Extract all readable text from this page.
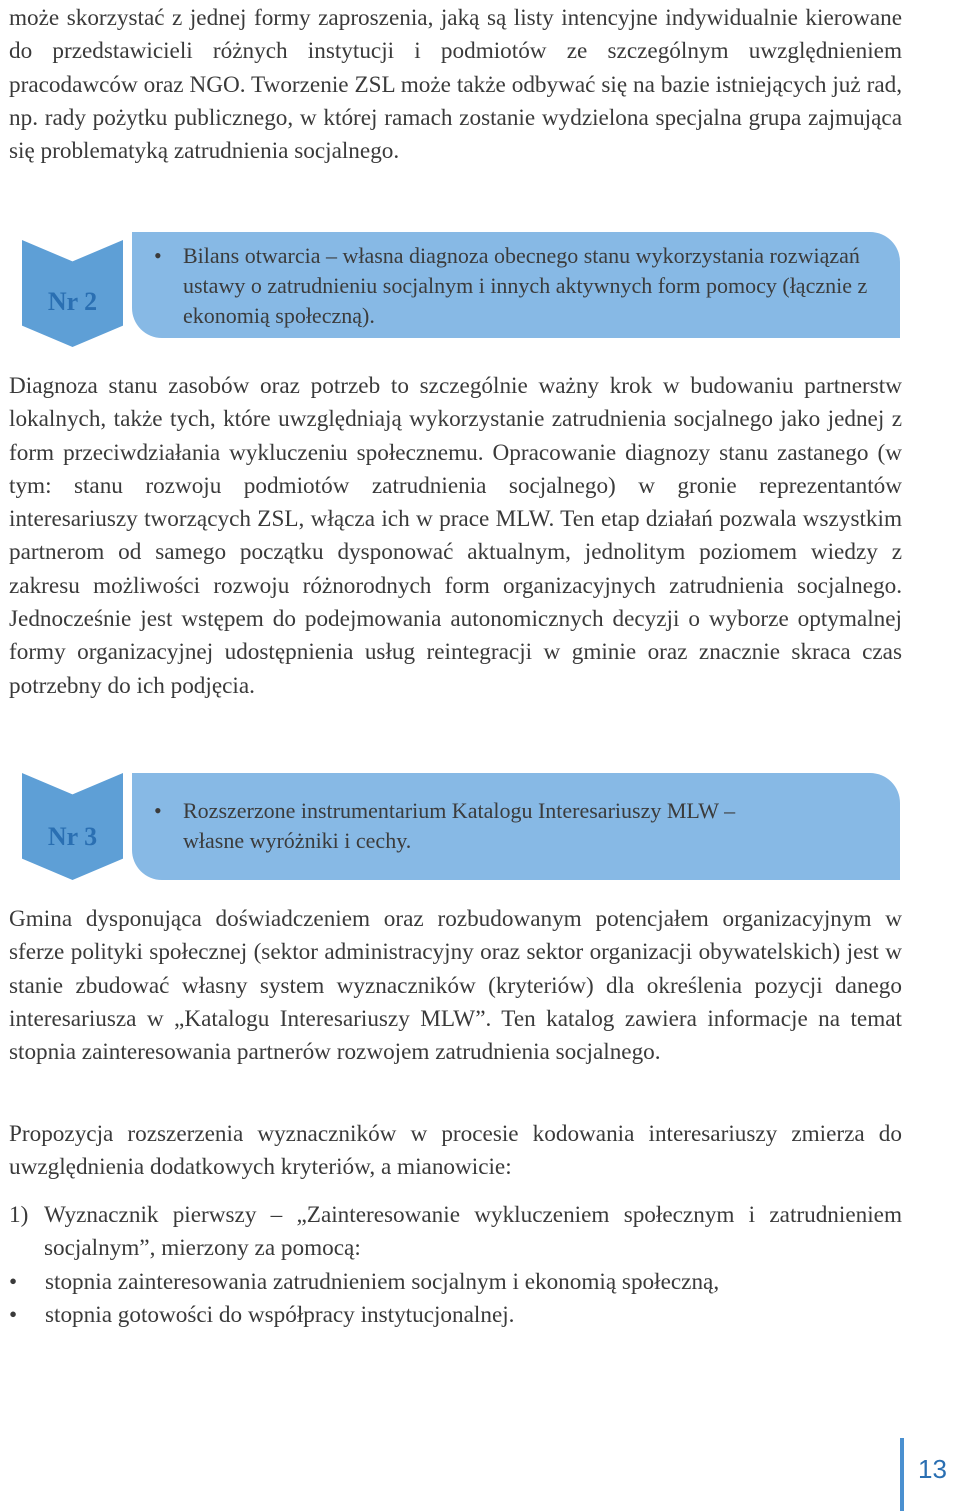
może skorzystać z jednej formy zaproszenia, jaką są listy intencyjne indywidualnie kierowane do przedstawicieli różnych instytucji i podmiotów ze szczególnym uwzględnieniem pracodawców oraz NGO. Tworzenie ZSL może także odbywać się na bazie istniejących już rad, np. rady pożytku publicznego, w której ramach zostanie wydzielona specjalna grupa zajmująca się problematyką zatrudnienia socjalnego.

Nr 2
• Bilans otwarcia – własna diagnoza obecnego stanu wykorzystania rozwiązań ustawy o zatrudnieniu socjalnym i innych aktywnych form pomocy (łącznie z ekonomią społeczną).

Diagnoza stanu zasobów oraz potrzeb to szczególnie ważny krok w budowaniu partnerstw lokalnych, także tych, które uwzględniają wykorzystanie zatrudnienia socjalnego jako jednej z form przeciwdziałania wykluczeniu społecznemu. Opracowanie diagnozy stanu zastanego (w tym: stanu rozwoju podmiotów zatrudnienia socjalnego) w gronie reprezentantów interesariuszy tworzących ZSL, włącza ich w prace MLW. Ten etap działań pozwala wszystkim partnerom od samego początku dysponować aktualnym, jednolitym poziomem wiedzy z zakresu możliwości rozwoju różnorodnych form organizacyjnych zatrudnienia socjalnego. Jednocześnie jest wstępem do podejmowania autonomicznych decyzji o wyborze optymalnej formy organizacyjnej udostępnienia usług reintegracji w gminie oraz znacznie skraca czas potrzebny do ich podjęcia.

Nr 3
• Rozszerzone instrumentarium Katalogu Interesariuszy MLW – własne wyróżniki i cechy.

Gmina dysponująca doświadczeniem oraz rozbudowanym potencjałem organizacyjnym w sferze polityki społecznej (sektor administracyjny oraz sektor organizacji obywatelskich) jest w stanie zbudować własny system wyznaczników (kryteriów) dla określenia pozycji danego interesariusza w „Katalogu Interesariuszy MLW”. Ten katalog zawiera informacje na temat stopnia zainteresowania partnerów rozwojem zatrudnienia socjalnego.

Propozycja rozszerzenia wyznaczników w procesie kodowania interesariuszy zmierza do uwzględnienia dodatkowych kryteriów, a mianowicie:

1) Wyznacznik pierwszy – „Zainteresowanie wykluczeniem społecznym i zatrudnieniem socjalnym”, mierzony za pomocą:
• stopnia zainteresowania zatrudnieniem socjalnym i ekonomią społeczną,
• stopnia gotowości do współpracy instytucjonalnej.
13
